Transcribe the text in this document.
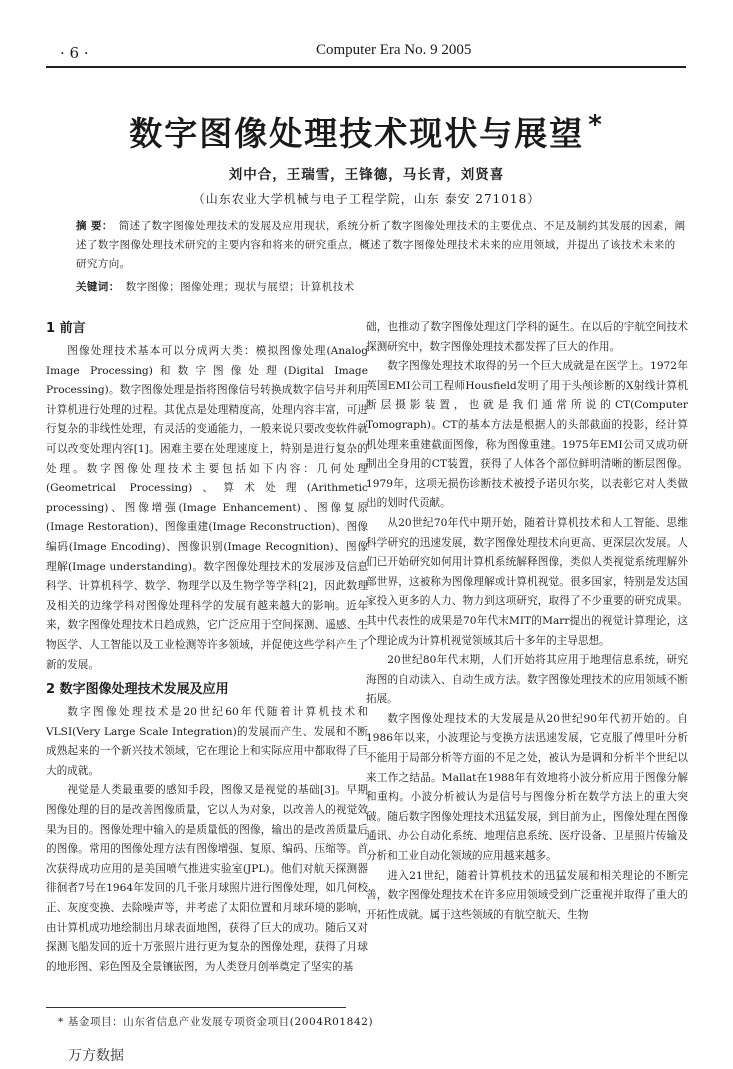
· 6 ·	Computer Era No. 9 2005
数字图像处理技术现状与展望 *
刘中合，王瑞雪，王锋德，马长青，刘贤喜
（山东农业大学机械与电子工程学院，山东 泰安 271018）
摘 要： 简述了数字图像处理技术的发展及应用现状，系统分析了数字图像处理技术的主要优点、不足及制约其发展的因素，阐述了数字图像处理技术研究的主要内容和将来的研究重点，概述了数字图像处理技术未来的应用领域，并提出了该技术未来的研究方向。
关键词： 数字图像；图像处理；现状与展望；计算机技术
1 前言

图像处理技术基本可以分成两大类：模拟图像处理(Analog Image Processing)和数字图像处理(Digital Image Processing)。数字图像处理是指将图像信号转换成数字信号并利用计算机进行处理的过程。其优点是处理精度高，处理内容丰富，可进行复杂的非线性处理，有灵活的变通能力，一般来说只要改变软件就可以改变处理内容[1]。困难主要在处理速度上，特别是进行复杂的处理。数字图像处理技术主要包括如下内容：几何处理(Geometrical Processing)、算术处理(Arithmetic processing)、图像增强(Image Enhancement)、图像复原(Image Restoration)、图像重建(Image Reconstruction)、图像编码(Image Encoding)、图像识别(Image Recognition)、图像理解(Image understanding)。数字图像处理技术的发展涉及信息科学、计算机科学、数学、物理学以及生物学等学科[2]，因此数理及相关的边缘学科对图像处理科学的发展有越来越大的影响。近年来，数字图像处理技术日趋成熟，它广泛应用于空间探测、遥感、生物医学、人工智能以及工业检测等许多领域，并促使这些学科产生了新的发展。

2 数字图像处理技术发展及应用

数字图像处理技术是20世纪60年代随着计算机技术和VLSI(Very Large Scale Integration)的发展而产生、发展和不断成熟起来的一个新兴技术领域，它在理论上和实际应用中都取得了巨大的成就。

视觉是人类最重要的感知手段，图像又是视觉的基础[3]。早期图像处理的目的是改善图像质量，它以人为对象，以改善人的视觉效果为目的。图像处理中输入的是质量低的图像，输出的是改善质量后的图像。常用的图像处理方法有图像增强、复原、编码、压缩等。首次获得成功应用的是美国喷气推进实验室(JPL)。他们对航天探测器徘徊者7号在1964年发回的几千张月球照片进行图像处理，如几何校正、灰度变换、去除噪声等，并考虑了太阳位置和月球环境的影响，由计算机成功地绘制出月球表面地图，获得了巨大的成功。随后又对探测飞船发回的近十万张照片进行更为复杂的图像处理，获得了月球的地形图、彩色图及全景镶嵌图，为人类登月创举奠定了坚实的基

础，也推动了数字图像处理这门学科的诞生。在以后的宇航空间技术探测研究中，数字图像处理技术都发挥了巨大的作用。

数字图像处理技术取得的另一个巨大成就是在医学上。1972年英国EMI公司工程师Housfield发明了用于头颅诊断的X射线计算机断层摄影装置，也就是我们通常所说的CT(Computer Tomograph)。CT的基本方法是根据人的头部截面的投影，经计算机处理来重建截面图像，称为图像重建。1975年EMI公司又成功研制出全身用的CT装置，获得了人体各个部位鲜明清晰的断层图像。1979年，这项无损伤诊断技术被授予诺贝尔奖，以表彰它对人类做出的划时代贡献。

从20世纪70年代中期开始，随着计算机技术和人工智能、思维科学研究的迅速发展，数字图像处理技术向更高、更深层次发展。人们已开始研究如何用计算机系统解释图像，类似人类视觉系统理解外部世界，这被称为图像理解或计算机视觉。很多国家，特别是发达国家投入更多的人力、物力到这项研究，取得了不少重要的研究成果。其中代表性的成果是70年代末MIT的Marr提出的视觉计算理论，这个理论成为计算机视觉领域其后十多年的主导思想。

20世纪80年代末期，人们开始将其应用于地理信息系统，研究海图的自动读入、自动生成方法。数字图像处理技术的应用领域不断拓展。

数字图像处理技术的大发展是从20世纪90年代初开始的。自1986年以来，小波理论与变换方法迅速发展，它克服了傅里叶分析不能用于局部分析等方面的不足之处，被认为是调和分析半个世纪以来工作之结晶。Mallat在1988年有效地将小波分析应用于图像分解和重构。小波分析被认为是信号与图像分析在数学方法上的重大突破。随后数字图像处理技术迅猛发展，到目前为止，图像处理在图像通讯、办公自动化系统、地理信息系统、医疗设备、卫星照片传输及分析和工业自动化领域的应用越来越多。

进入21世纪，随着计算机技术的迅猛发展和相关理论的不断完善，数字图像处理技术在许多应用领域受到广泛重视并取得了重大的开拓性成就。属于这些领域的有航空航天、生物

* 基金项目：山东省信息产业发展专项资金项目(2004R01842)
万方数据
